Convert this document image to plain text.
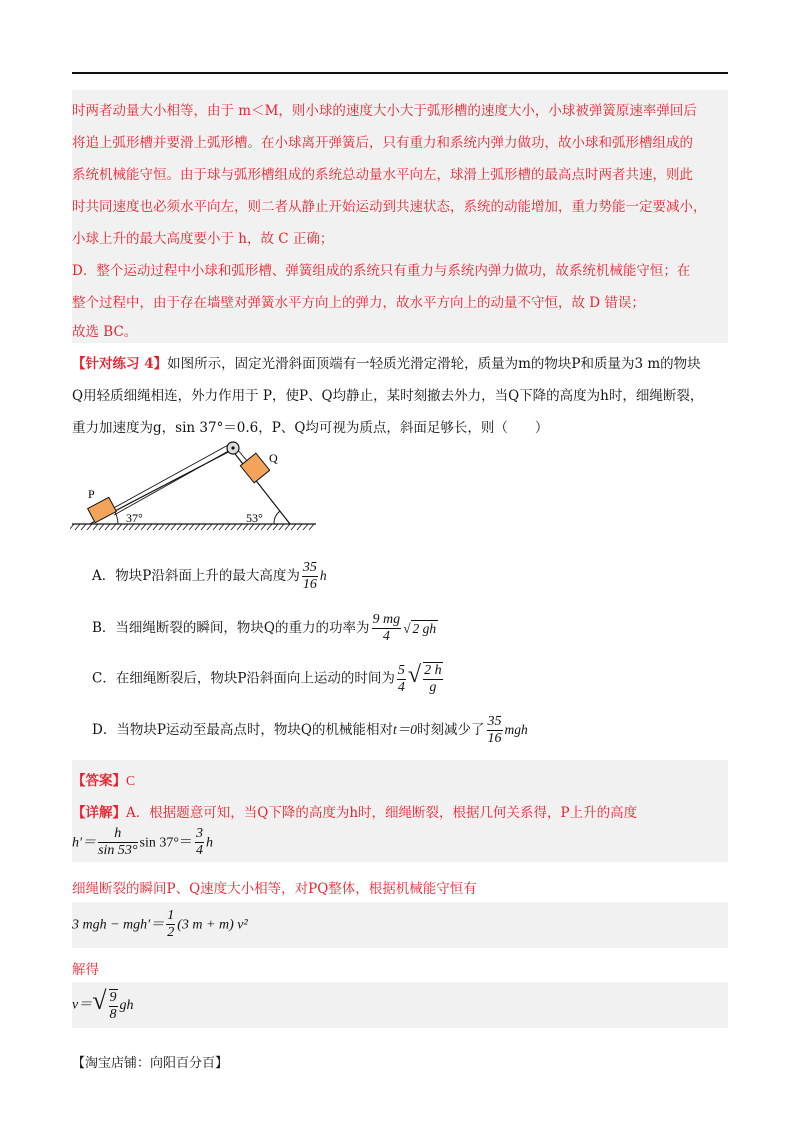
时两者动量大小相等，由于 m＜M，则小球的速度大小大于弧形槽的速度大小，小球被弹簧原速率弹回后
将追上弧形槽并要滑上弧形槽。在小球离开弹簧后，只有重力和系统内弹力做功，故小球和弧形槽组成的
系统机械能守恒。由于球与弧形槽组成的系统总动量水平向左，球滑上弧形槽的最高点时两者共速，则此
时共同速度也必须水平向左，则二者从静止开始运动到共速状态，系统的动能增加，重力势能一定要减小，
小球上升的最大高度要小于 h，故 C 正确；
D．整个运动过程中小球和弧形槽、弹簧组成的系统只有重力与系统内弹力做功，故系统机械能守恒；在
整个过程中，由于存在墙壁对弹簧水平方向上的弹力，故水平方向上的动量不守恒，故 D 错误；
故选 BC。
【针对练习 4】如图所示，固定光滑斜面顶端有一轻质光滑定滑轮，质量为m的物块P和质量为3 m的物块
Q用轻质细绳相连，外力作用于 P，使P、Q均静止，某时刻撤去外力，当Q下降的高度为h时，细绳断裂，
重力加速度为g，sin 37°＝0.6，P、Q均可视为质点，斜面足够长，则（　　）
P
Q
37°	53°
A．物块P沿斜面上升的最大高度为 $\frac{35}{16}$ h
B．当细绳断裂的瞬间，物块Q的重力的功率为 $\frac{9 mg}{4}$ √ 2 gh
C．在细绳断裂后，物块P沿斜面向上运动的时间为 $\frac{5}{4}$ √ $\frac{2 h}{g}$
D．当物块P运动至最高点时，物块Q的机械能相对t＝0时刻减少了 $\frac{35}{16}$ mgh
【答案】C
【详解】A．根据题意可知，当Q下降的高度为h时，细绳断裂，根据几何关系得，P上升的高度
$h'= \frac{h}{\sin 53^\circ}$ $\sin 37^\circ= \frac{3}{4}$ h
细绳断裂的瞬间P、Q速度大小相等，对PQ整体，根据机械能守恒有
3 mgh − $mgh'= \frac{1}{2} (3$ m + m) v²
解得
$v=√ \frac{9}{8}$ gh
【淘宝店铺：向阳百分百】
